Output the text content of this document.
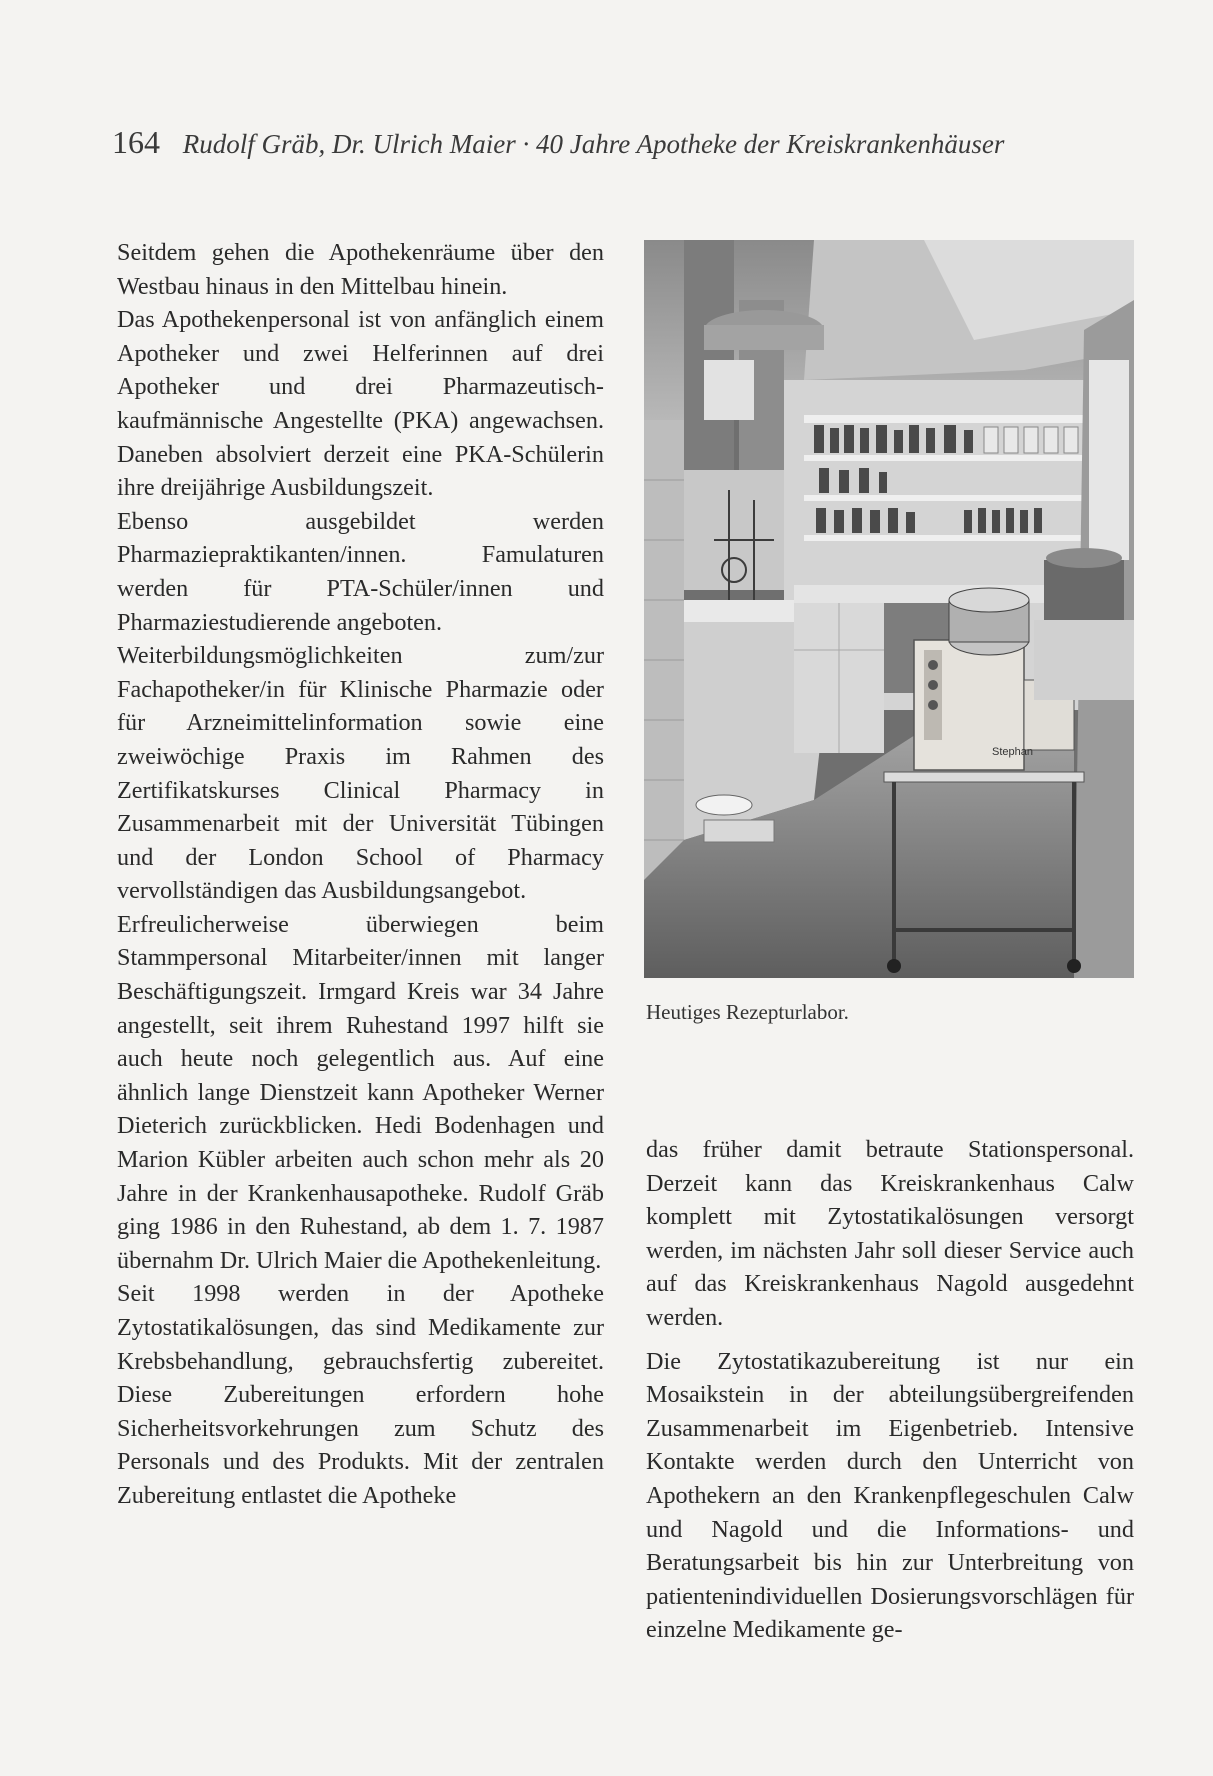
164 Rudolf Gräb, Dr. Ulrich Maier · 40 Jahre Apotheke der Kreiskrankenhäuser

Seitdem gehen die Apothekenräume über den Westbau hinaus in den Mittelbau hinein.

Das Apothekenpersonal ist von anfänglich einem Apotheker und zwei Helferinnen auf drei Apotheker und drei Pharmazeutisch-kaufmännische Angestellte (PKA) angewachsen. Daneben absolviert derzeit eine PKA-Schülerin ihre dreijährige Ausbildungszeit.

Ebenso ausgebildet werden Pharmaziepraktikanten/innen. Famulaturen werden für PTA-Schüler/innen und Pharmaziestudierende angeboten.

Weiterbildungsmöglichkeiten zum/zur Fachapotheker/in für Klinische Pharmazie oder für Arzneimittelinformation sowie eine zweiwöchige Praxis im Rahmen des Zertifikatskurses Clinical Pharmacy in Zusammenarbeit mit der Universität Tübingen und der London School of Pharmacy vervollständigen das Ausbildungsangebot.

Erfreulicherweise überwiegen beim Stammpersonal Mitarbeiter/innen mit langer Beschäftigungszeit. Irmgard Kreis war 34 Jahre angestellt, seit ihrem Ruhestand 1997 hilft sie auch heute noch gelegentlich aus. Auf eine ähnlich lange Dienstzeit kann Apotheker Werner Dieterich zurückblicken. Hedi Bodenhagen und Marion Kübler arbeiten auch schon mehr als 20 Jahre in der Krankenhausapotheke. Rudolf Gräb ging 1986 in den Ruhestand, ab dem 1. 7. 1987 übernahm Dr. Ulrich Maier die Apothekenleitung.

Seit 1998 werden in der Apotheke Zytostatikalösungen, das sind Medikamente zur Krebsbehandlung, gebrauchsfertig zubereitet. Diese Zubereitungen erfordern hohe Sicherheitsvorkehrungen zum Schutz des Personals und des Produkts. Mit der zentralen Zubereitung entlastet die Apotheke

Stephan
Heutiges Rezepturlabor.

das früher damit betraute Stationspersonal. Derzeit kann das Kreiskrankenhaus Calw komplett mit Zytostatikalösungen versorgt werden, im nächsten Jahr soll dieser Service auch auf das Kreiskrankenhaus Nagold ausgedehnt werden.

Die Zytostatikazubereitung ist nur ein Mosaikstein in der abteilungsübergreifenden Zusammenarbeit im Eigenbetrieb. Intensive Kontakte werden durch den Unterricht von Apothekern an den Krankenpflegeschulen Calw und Nagold und die Informations- und Beratungsarbeit bis hin zur Unterbreitung von patientenindividuellen Dosierungsvorschlägen für einzelne Medikamente ge-
